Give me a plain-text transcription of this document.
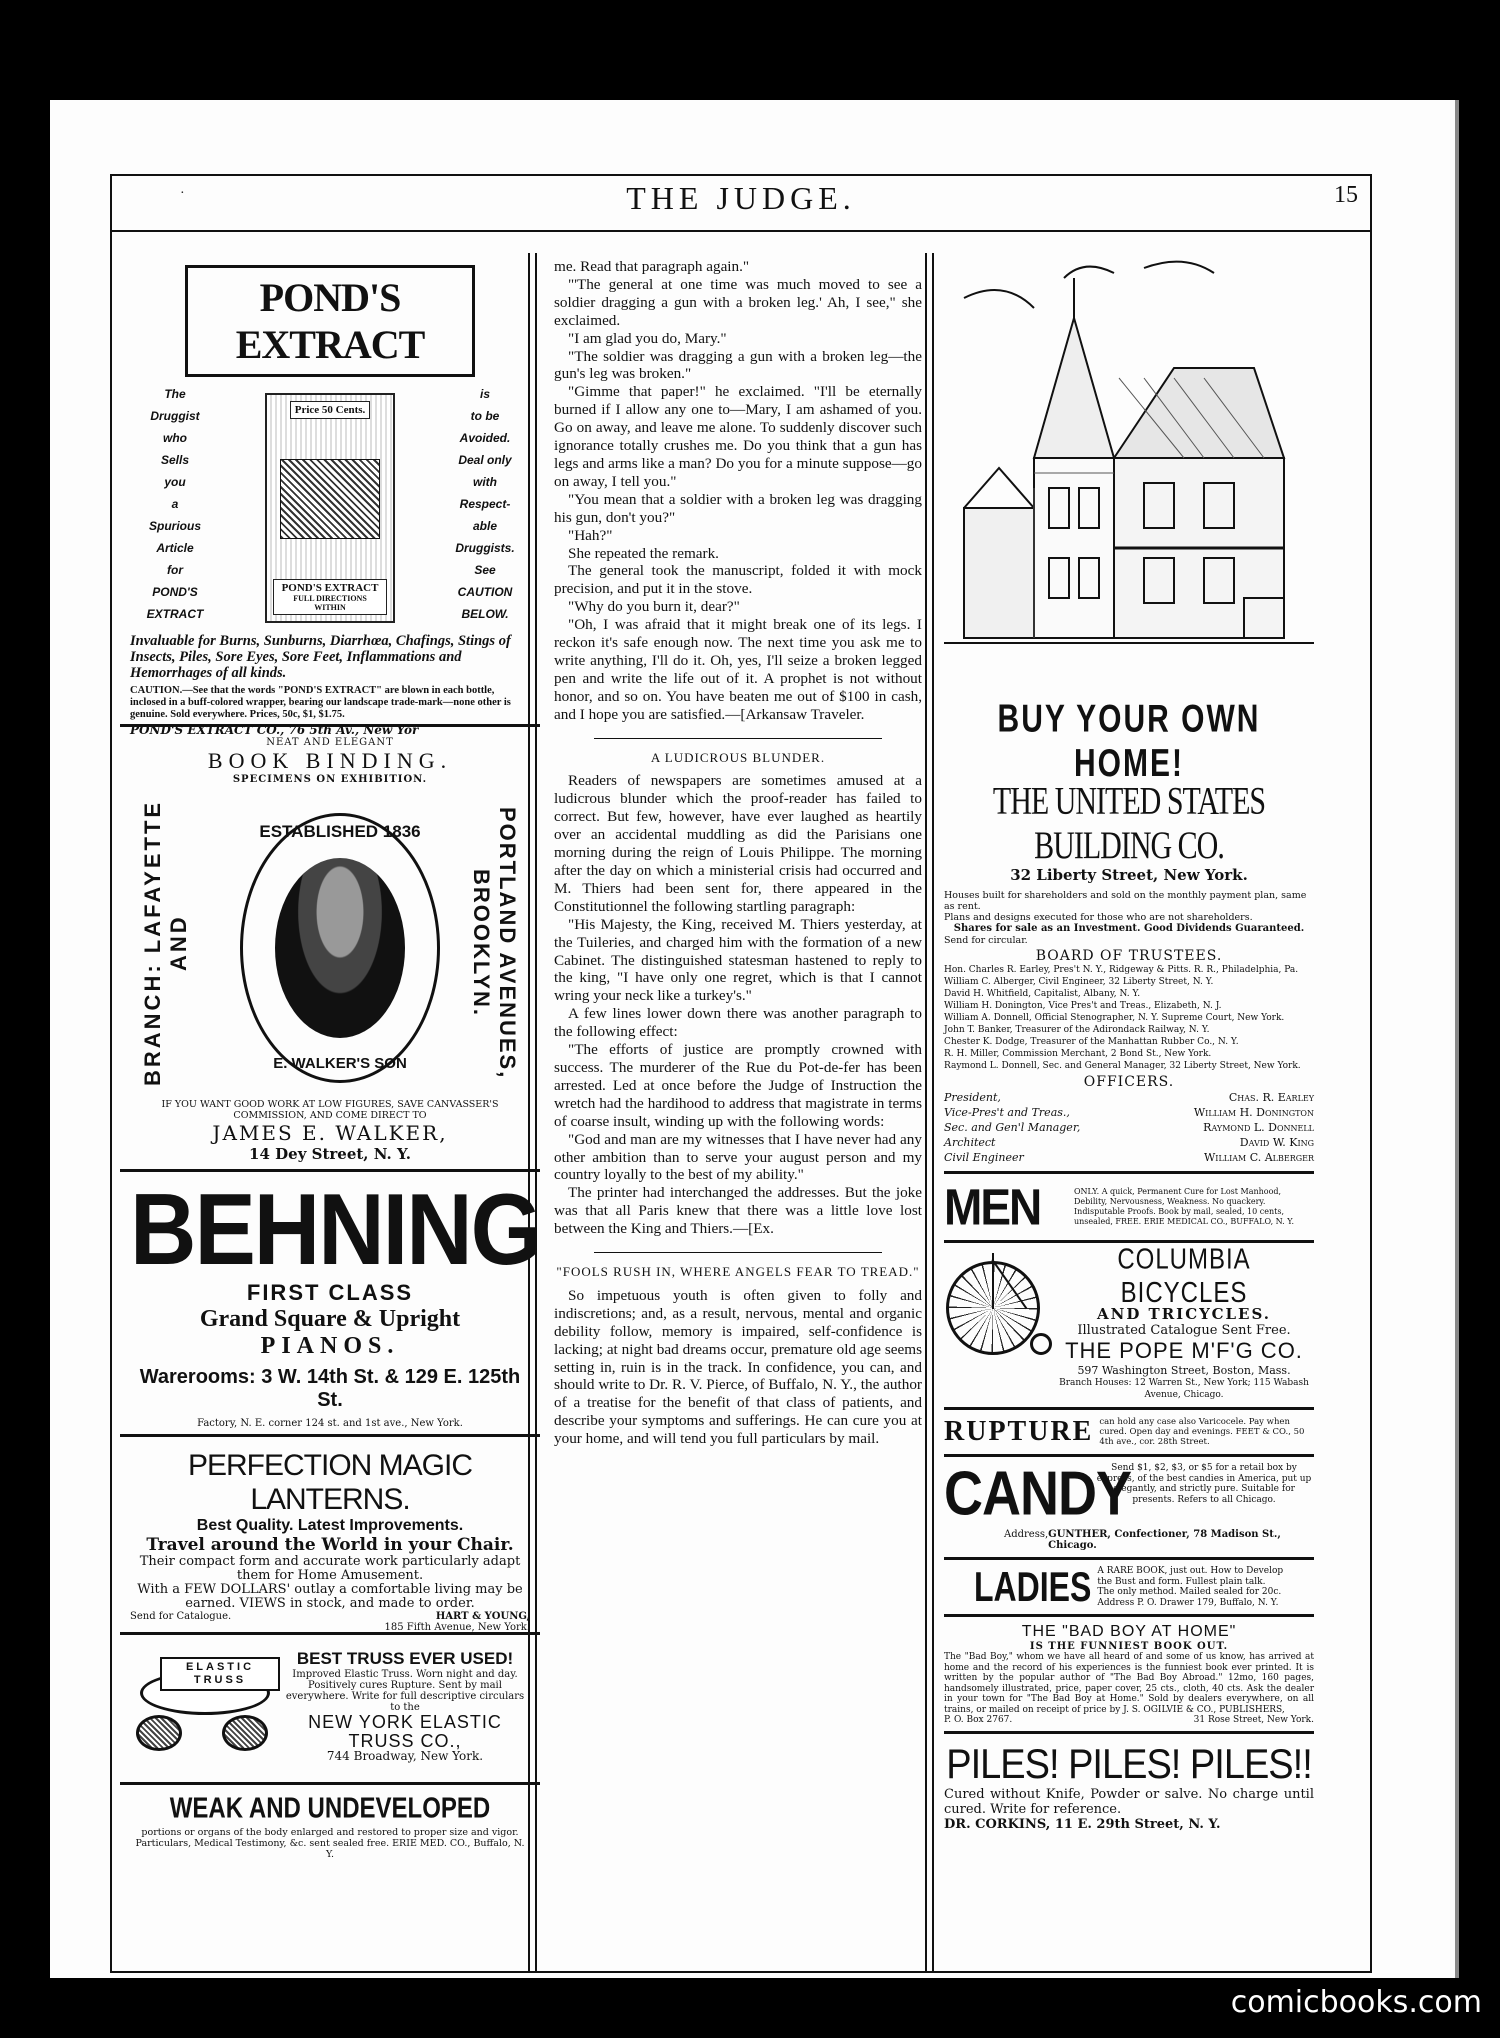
·	THE JUDGE.	15
POND'S EXTRACT
The
Druggist
who
Sells
you
a
Spurious
Article
for
POND'S
EXTRACT
Price 50 Cents.
POND'S EXTRACT
FULL DIRECTIONS WITHIN
is
to be
Avoided.
Deal only
with
Respect-
able
Druggists.
See
CAUTION
BELOW.
Invaluable for Burns, Sunburns, Diarrhœa, Chafings, Stings of Insects, Piles, Sore Eyes, Sore Feet, Inflammations and Hemorrhages of all kinds.
CAUTION.—See that the words "POND'S EXTRACT" are blown in each bottle, inclosed in a buff-colored wrapper, bearing our landscape trade-mark—none other is genuine. Sold everywhere. Prices, 50c, $1, $1.75.
POND'S EXTRACT CO., 76 5th Av., New Yor
NEAT AND ELEGANT
BOOK BINDING.
SPECIMENS ON EXHIBITION.
BRANCH: LAFAYETTE AND
ESTABLISHED 1836
E. WALKER'S SON	PORTLAND AVENUES, BROOKLYN.
IF YOU WANT GOOD WORK AT LOW FIGURES, SAVE CANVASSER'S COMMISSION, AND COME DIRECT TO
JAMES E. WALKER,
14 Dey Street, N. Y.
BEHNING
FIRST CLASS
Grand Square & Upright
PIANOS.
Warerooms: 3 W. 14th St. & 129 E. 125th St.
Factory, N. E. corner 124 st. and 1st ave., New York.
PERFECTION MAGIC LANTERNS.
Best Quality. Latest Improvements.
Travel around the World in your Chair.
Their compact form and accurate work particularly adapt them for Home Amusement.
With a FEW DOLLARS' outlay a comfortable living may be earned. VIEWS in stock, and made to order.
Send for Catalogue.	HART & YOUNG,
185 Fifth Avenue, New York.
ELASTIC TRUSS
BEST TRUSS EVER USED!
Improved Elastic Truss. Worn night and day. Positively cures Rupture. Sent by mail everywhere. Write for full descriptive circulars to the
NEW YORK ELASTIC TRUSS CO.,
744 Broadway, New York.
WEAK AND UNDEVELOPED
portions or organs of the body enlarged and restored to proper size and vigor. Particulars, Medical Testimony, &c. sent sealed free. ERIE MED. CO., Buffalo, N. Y.

me. Read that paragraph again."

"'The general at one time was much moved to see a soldier dragging a gun with a broken leg.' Ah, I see," she exclaimed.

"I am glad you do, Mary."

"The soldier was dragging a gun with a broken leg—the gun's leg was broken."

"Gimme that paper!" he exclaimed. "I'll be eternally burned if I allow any one to—Mary, I am ashamed of you. Go on away, and leave me alone. To suddenly discover such ignorance totally crushes me. Do you think that a gun has legs and arms like a man? Do you for a minute suppose—go on away, I tell you."

"You mean that a soldier with a broken leg was dragging his gun, don't you?"

"Hah?"

She repeated the remark.

The general took the manuscript, folded it with mock precision, and put it in the stove.

"Why do you burn it, dear?"

"Oh, I was afraid that it might break one of its legs. I reckon it's safe enough now. The next time you ask me to write anything, I'll do it. Oh, yes, I'll seize a broken legged pen and write the life out of it. A prophet is not without honor, and so on. You have beaten me out of $100 in cash, and I hope you are satisfied.—[Arkansaw Traveler.

A LUDICROUS BLUNDER.

Readers of newspapers are sometimes amused at a ludicrous blunder which the proof-reader has failed to correct. But few, however, have ever laughed as heartily over an accidental muddling as did the Parisians one morning during the reign of Louis Philippe. The morning after the day on which a ministerial crisis had occurred and M. Thiers had been sent for, there appeared in the Constitutionnel the following startling paragraph:

"His Majesty, the King, received M. Thiers yesterday, at the Tuileries, and charged him with the formation of a new Cabinet. The distinguished statesman hastened to reply to the king, "I have only one regret, which is that I cannot wring your neck like a turkey's."

A few lines lower down there was another paragraph to the following effect:

"The efforts of justice are promptly crowned with success. The murderer of the Rue du Pot-de-fer has been arrested. Led at once before the Judge of Instruction the wretch had the hardihood to address that magistrate in terms of coarse insult, winding up with the following words:

"God and man are my witnesses that I have never had any other ambition than to serve your august person and my country loyally to the best of my ability."

The printer had interchanged the addresses. But the joke was that all Paris knew that there was a little love lost between the King and Thiers.—[Ex.

"FOOLS RUSH IN, WHERE ANGELS FEAR TO TREAD."

So impetuous youth is often given to folly and indiscretions; and, as a result, nervous, mental and organic debility follow, memory is impaired, self-confidence is lacking; at night bad dreams occur, premature old age seems setting in, ruin is in the track. In confidence, you can, and should write to Dr. R. V. Pierce, of Buffalo, N. Y., the author of a treatise for the benefit of that class of patients, and describe your symptoms and sufferings. He can cure you at your home, and will tend you full particulars by mail.

BUY YOUR OWN HOME!
THE UNITED STATES BUILDING CO.
32 Liberty Street, New York.
Houses built for shareholders and sold on the monthly payment plan, same as rent.
Plans and designs executed for those who are not shareholders.
Shares for sale as an Investment. Good Dividends Guaranteed.
Send for circular.
BOARD OF TRUSTEES.
Hon. Charles R. Earley, Pres't N. Y., Ridgeway & Pitts. R. R., Philadelphia, Pa.
William C. Alberger, Civil Engineer, 32 Liberty Street, N. Y.
David H. Whitfield, Capitalist, Albany, N. Y.
William H. Donington, Vice Pres't and Treas., Elizabeth, N. J.
William A. Donnell, Official Stenographer, N. Y. Supreme Court, New York.
John T. Banker, Treasurer of the Adirondack Railway, N. Y.
Chester K. Dodge, Treasurer of the Manhattan Rubber Co., N. Y.
R. H. Miller, Commission Merchant, 2 Bond St., New York.
Raymond L. Donnell, Sec. and General Manager, 32 Liberty Street, New York.
OFFICERS.
President,	Chas. R. Earley
Vice-Pres't and Treas.,	William H. Donington
Sec. and Gen'l Manager,	Raymond L. Donnell
Architect	David W. King
Civil Engineer	William C. Alberger
MEN	ONLY. A quick, Permanent Cure for Lost Manhood, Debility, Nervousness, Weakness. No quackery. Indisputable Proofs. Book by mail, sealed, 10 cents, unsealed, FREE. ERIE MEDICAL CO., BUFFALO, N. Y.
COLUMBIA BICYCLES
AND TRICYCLES.
Illustrated Catalogue Sent Free.
THE POPE M'F'G CO.
597 Washington Street, Boston, Mass.
Branch Houses: 12 Warren St., New York; 115 Wabash Avenue, Chicago.
RUPTURE can hold any case also Varicocele. Pay when cured. Open day and evenings. FEET & CO., 50 4th ave., cor. 28th Street.
CANDY
Send $1, $2, $3, or $5 for a retail box by express, of the best candies in America, put up elegantly, and strictly pure. Suitable for presents. Refers to all Chicago.
Address, GUNTHER, Confectioner, 78 Madison St., Chicago.
LADIES A RARE BOOK, just out. How to Develop the Bust and form. Fullest plain talk. The only method. Mailed sealed for 20c. Address P. O. Drawer 179, Buffalo, N. Y.
THE "BAD BOY AT HOME"
IS THE FUNNIEST BOOK OUT.
The "Bad Boy," whom we have all heard of and some of us know, has arrived at home and the record of his experiences is the funniest book ever printed. It is written by the popular author of "The Bad Boy Abroad." 12mo, 160 pages, handsomely illustrated, price, paper cover, 25 cts., cloth, 40 cts. Ask the dealer in your town for "The Bad Boy at Home." Sold by dealers everywhere, on all trains, or mailed on receipt of price by J. S. OGILVIE & CO., PUBLISHERS,
P. O. Box 2767.	31 Rose Street, New York.
PILES! PILES! PILES!!
Cured without Knife, Powder or salve. No charge until cured. Write for reference.
DR. CORKINS, 11 E. 29th Street, N. Y.
comicbooks.com
